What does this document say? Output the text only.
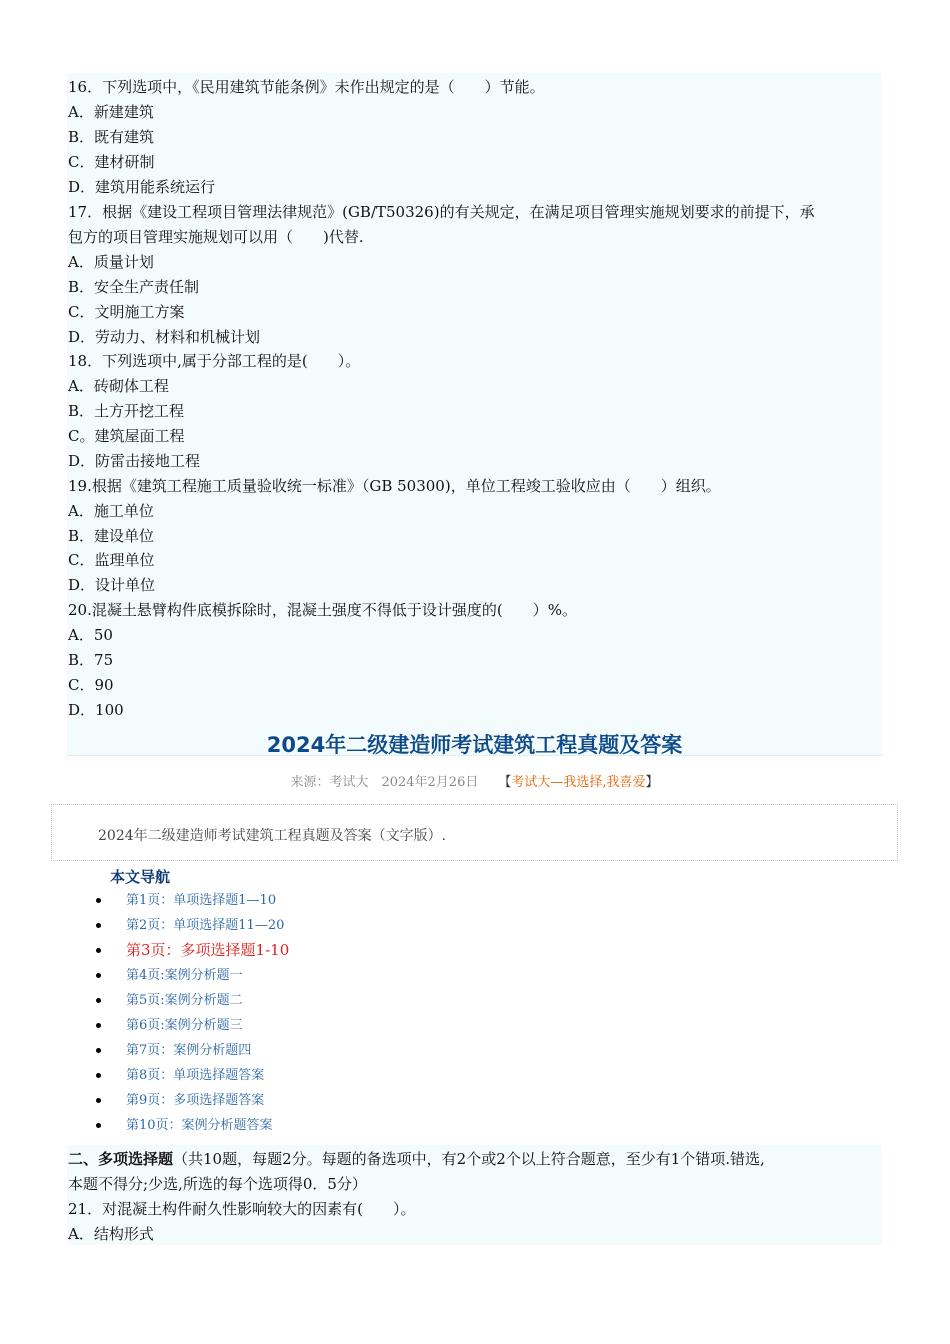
16．下列选项中，《民用建筑节能条例》未作出规定的是（　　）节能。
A．新建建筑
B．既有建筑
C．建材研制
D．建筑用能系统运行
17．根据《建设工程项目管理法律规范》(GB/T50326)的有关规定，在满足项目管理实施规划要求的前提下，承
包方的项目管理实施规划可以用（　　)代替.
A．质量计划
B．安全生产责任制
C．文明施工方案
D．劳动力、材料和机械计划
18．下列选项中,属于分部工程的是(　　）。
A．砖砌体工程
B．土方开挖工程
C。建筑屋面工程
D．防雷击接地工程
19.根据《建筑工程施工质量验收统一标准》（GB 50300)，单位工程竣工验收应由（　　）组织。
A．施工单位
B．建设单位
C．监理单位
D．设计单位
20.混凝土悬臂构件底模拆除时，混凝土强度不得低于设计强度的(　　）%。
A．50
B．75
C．90
D．100
2024年二级建造师考试建筑工程真题及答案
来源：考试大　2024年2月26日 【考试大—我选择,我喜爱】
2024年二级建造师考试建筑工程真题及答案（文字版）.
本文导航
第1页：单项选择题1—10
第2页：单项选择题11—20
第3页：多项选择题1-10
第4页:案例分析题一
第5页:案例分析题二
第6页:案例分析题三
第7页：案例分析题四
第8页：单项选择题答案
第9页：多项选择题答案
第10页：案例分析题答案
二、多项选择题（共10题，每题2分。每题的备选项中，有2个或2个以上符合题意，至少有1个错项.错选,
本题不得分;少选,所选的每个选项得0．5分）
21．对混凝土构件耐久性影响较大的因素有(　　）。
A．结构形式
